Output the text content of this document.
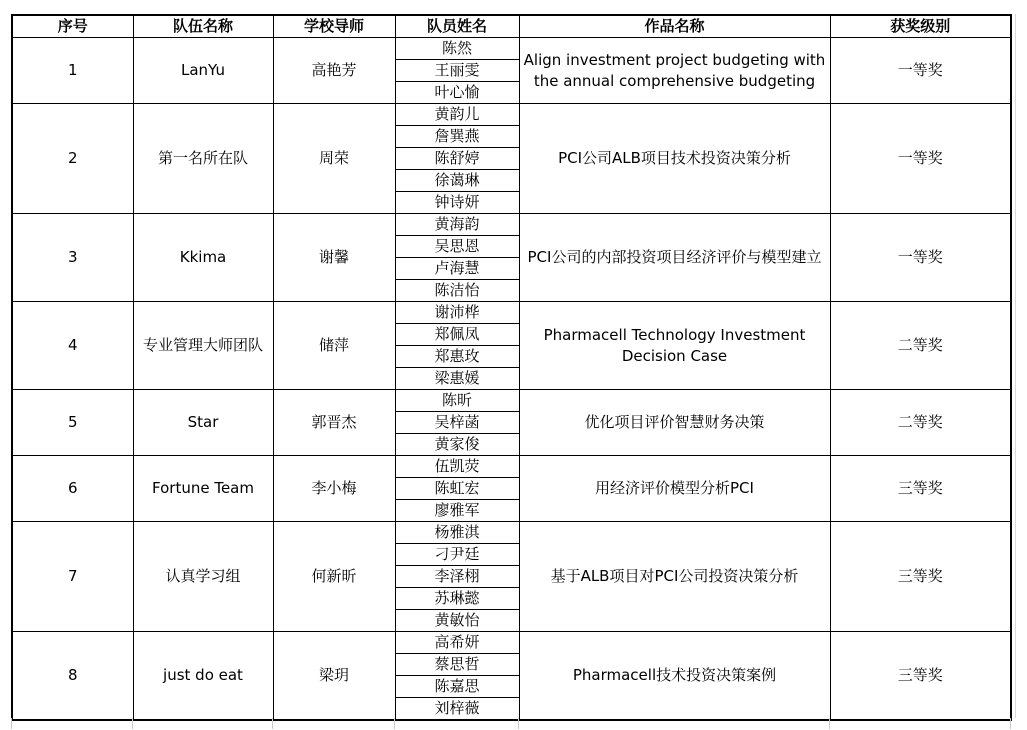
序号	队伍名称	学校导师	队员姓名	作品名称	获奖级别
1	LanYu	高艳芳	陈然	Align investment project budgeting with the annual comprehensive budgeting	一等奖
			王丽雯		
			叶心愉		
2	第一名所在队	周荣	黄韵儿	PCI公司ALB项目技术投资决策分析	一等奖
			詹巽燕		
			陈舒婷		
			徐蔼琳		
			钟诗妍		
3	Kkima	谢馨	黄海韵	PCI公司的内部投资项目经济评价与模型建立	一等奖
			吴思恩		
			卢海慧		
			陈洁怡		
4	专业管理大师团队	储萍	谢沛桦	Pharmacell Technology Investment Decision Case	二等奖
			郑佩凤		
			郑惠玫		
			梁惠媛		
5	Star	郭晋杰	陈昕	优化项目评价智慧财务决策	二等奖
			吴梓菡		
			黄家俊		
6	Fortune Team	李小梅	伍凯荧	用经济评价模型分析PCI	三等奖
			陈虹宏		
			廖雅军		
7	认真学习组	何新昕	杨雅淇	基于ALB项目对PCI公司投资决策分析	三等奖
			刁尹廷		
			李泽栩		
			苏琳懿		
			黄敏怡		
8	just do eat	梁玥	高希妍	Pharmacell技术投资决策案例	三等奖
			蔡思哲		
			陈嘉思		
			刘梓薇		
